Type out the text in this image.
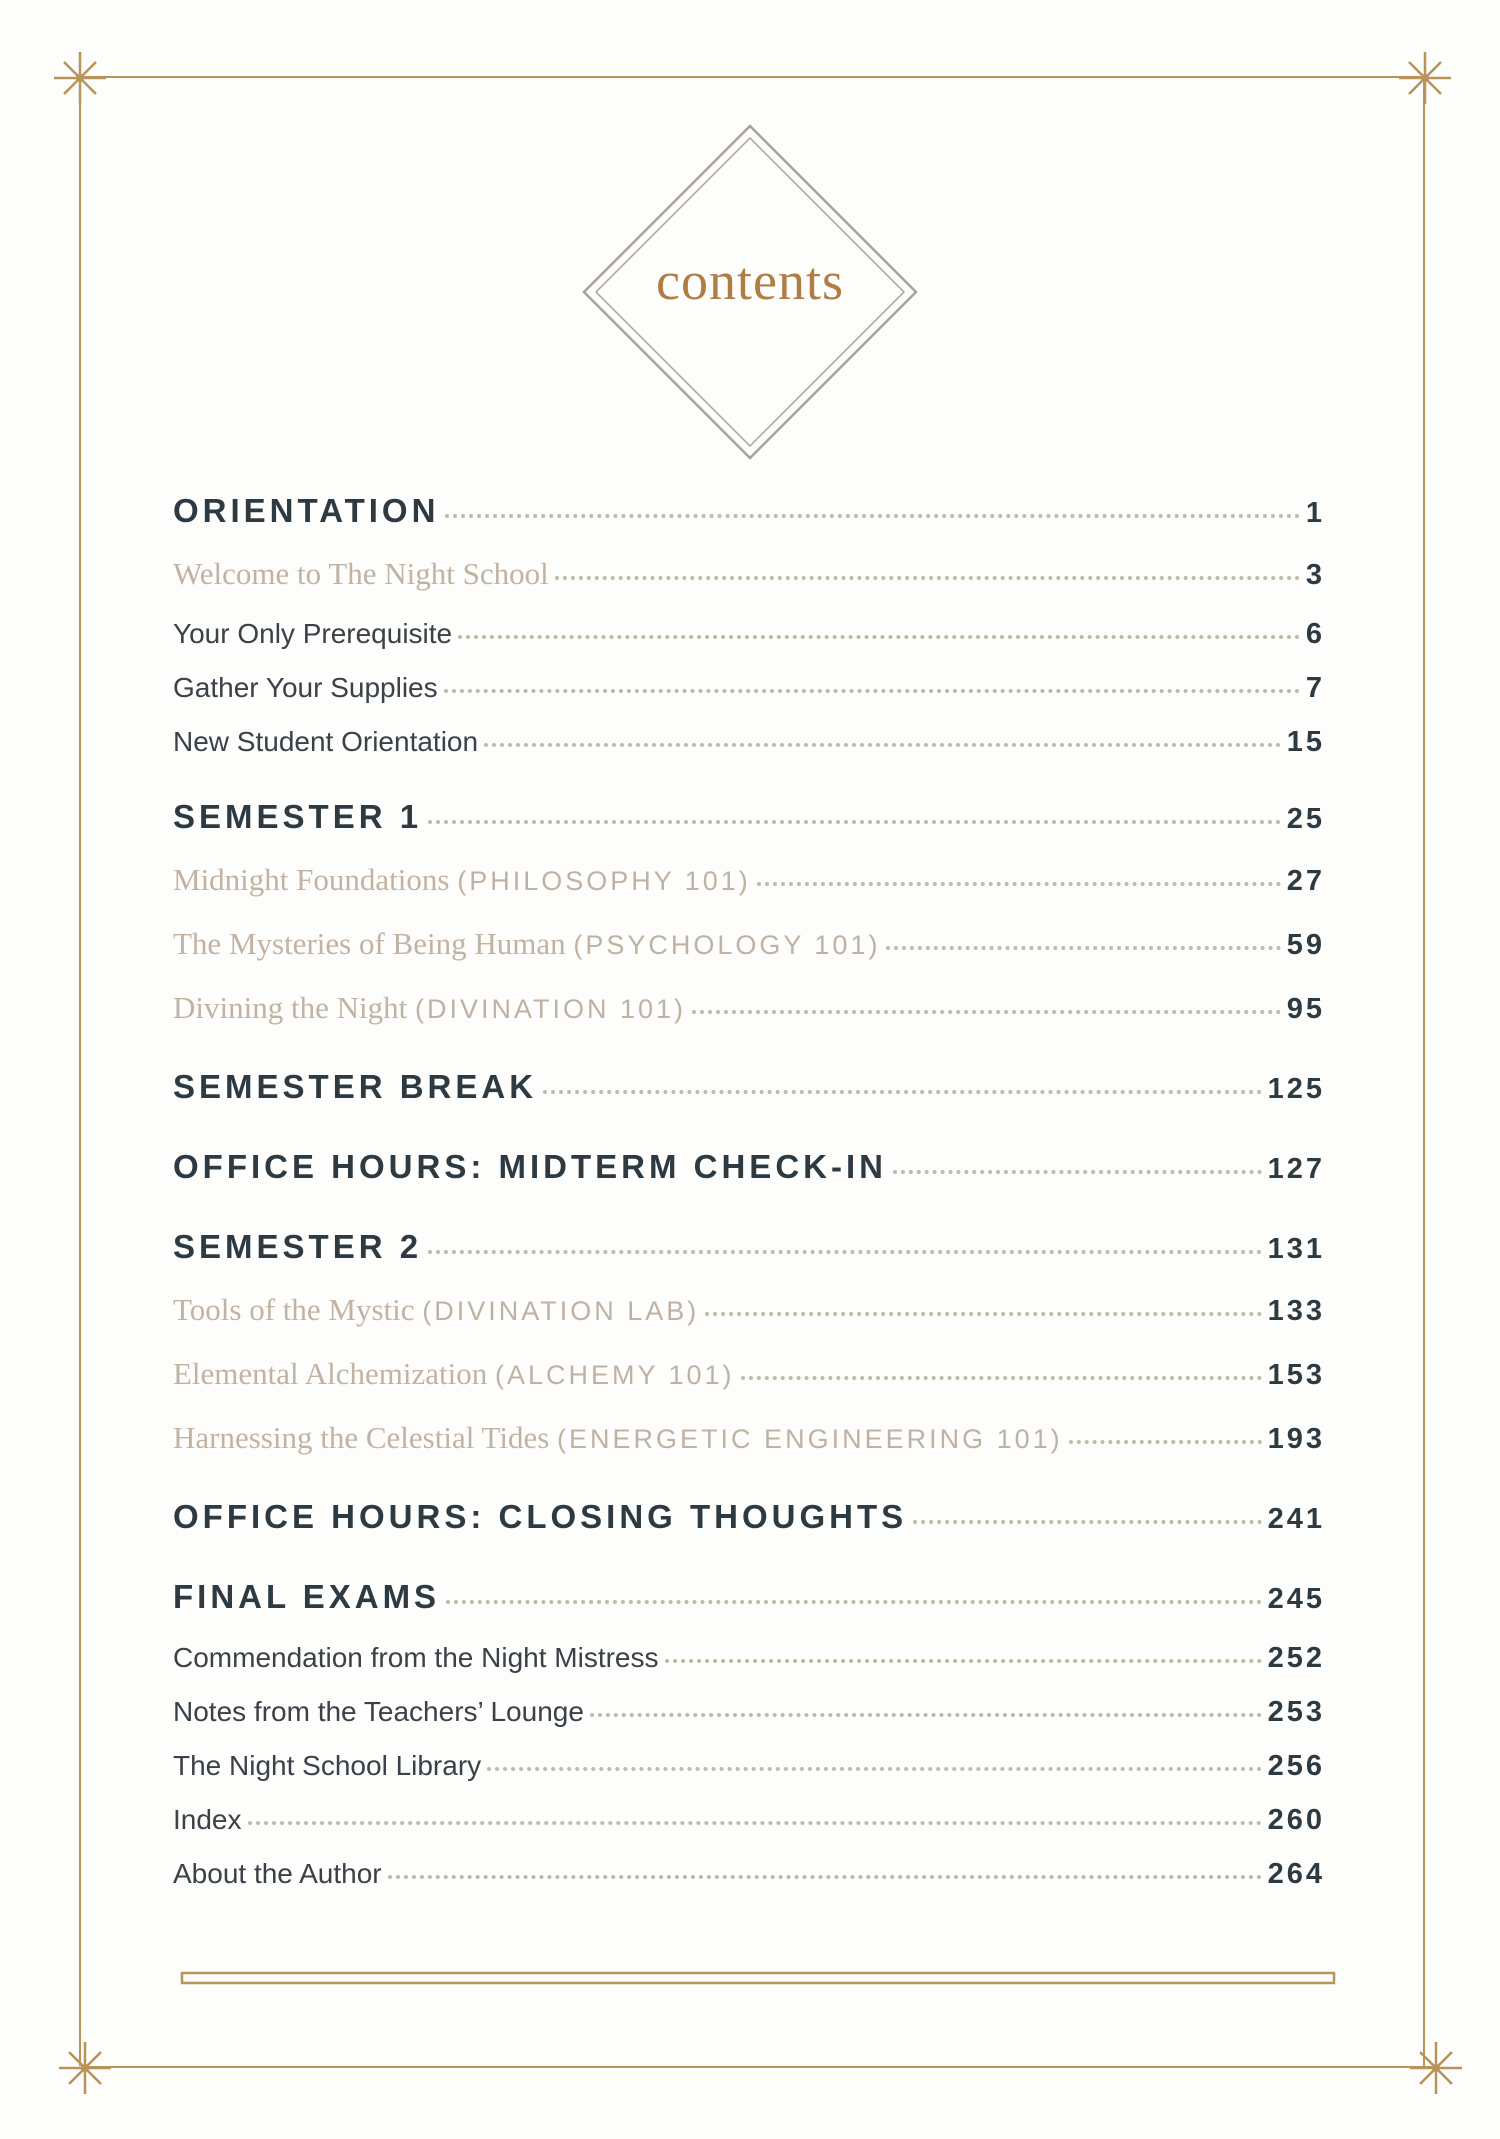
contents
ORIENTATION	1
Welcome to The Night School	3
Your Only Prerequisite	6
Gather Your Supplies	7
New Student Orientation	15
SEMESTER 1	25
Midnight Foundations (PHILOSOPHY 101)	27
The Mysteries of Being Human (PSYCHOLOGY 101)	59
Divining the Night (DIVINATION 101)	95
SEMESTER BREAK	125
OFFICE HOURS: MIDTERM CHECK-IN	127
SEMESTER 2	131
Tools of the Mystic (DIVINATION LAB)	133
Elemental Alchemization (ALCHEMY 101)	153
Harnessing the Celestial Tides (ENERGETIC ENGINEERING 101)	193
OFFICE HOURS: CLOSING THOUGHTS	241
FINAL EXAMS	245
Commendation from the Night Mistress	252
Notes from the Teachers’ Lounge	253
The Night School Library	256
Index	260
About the Author	264
